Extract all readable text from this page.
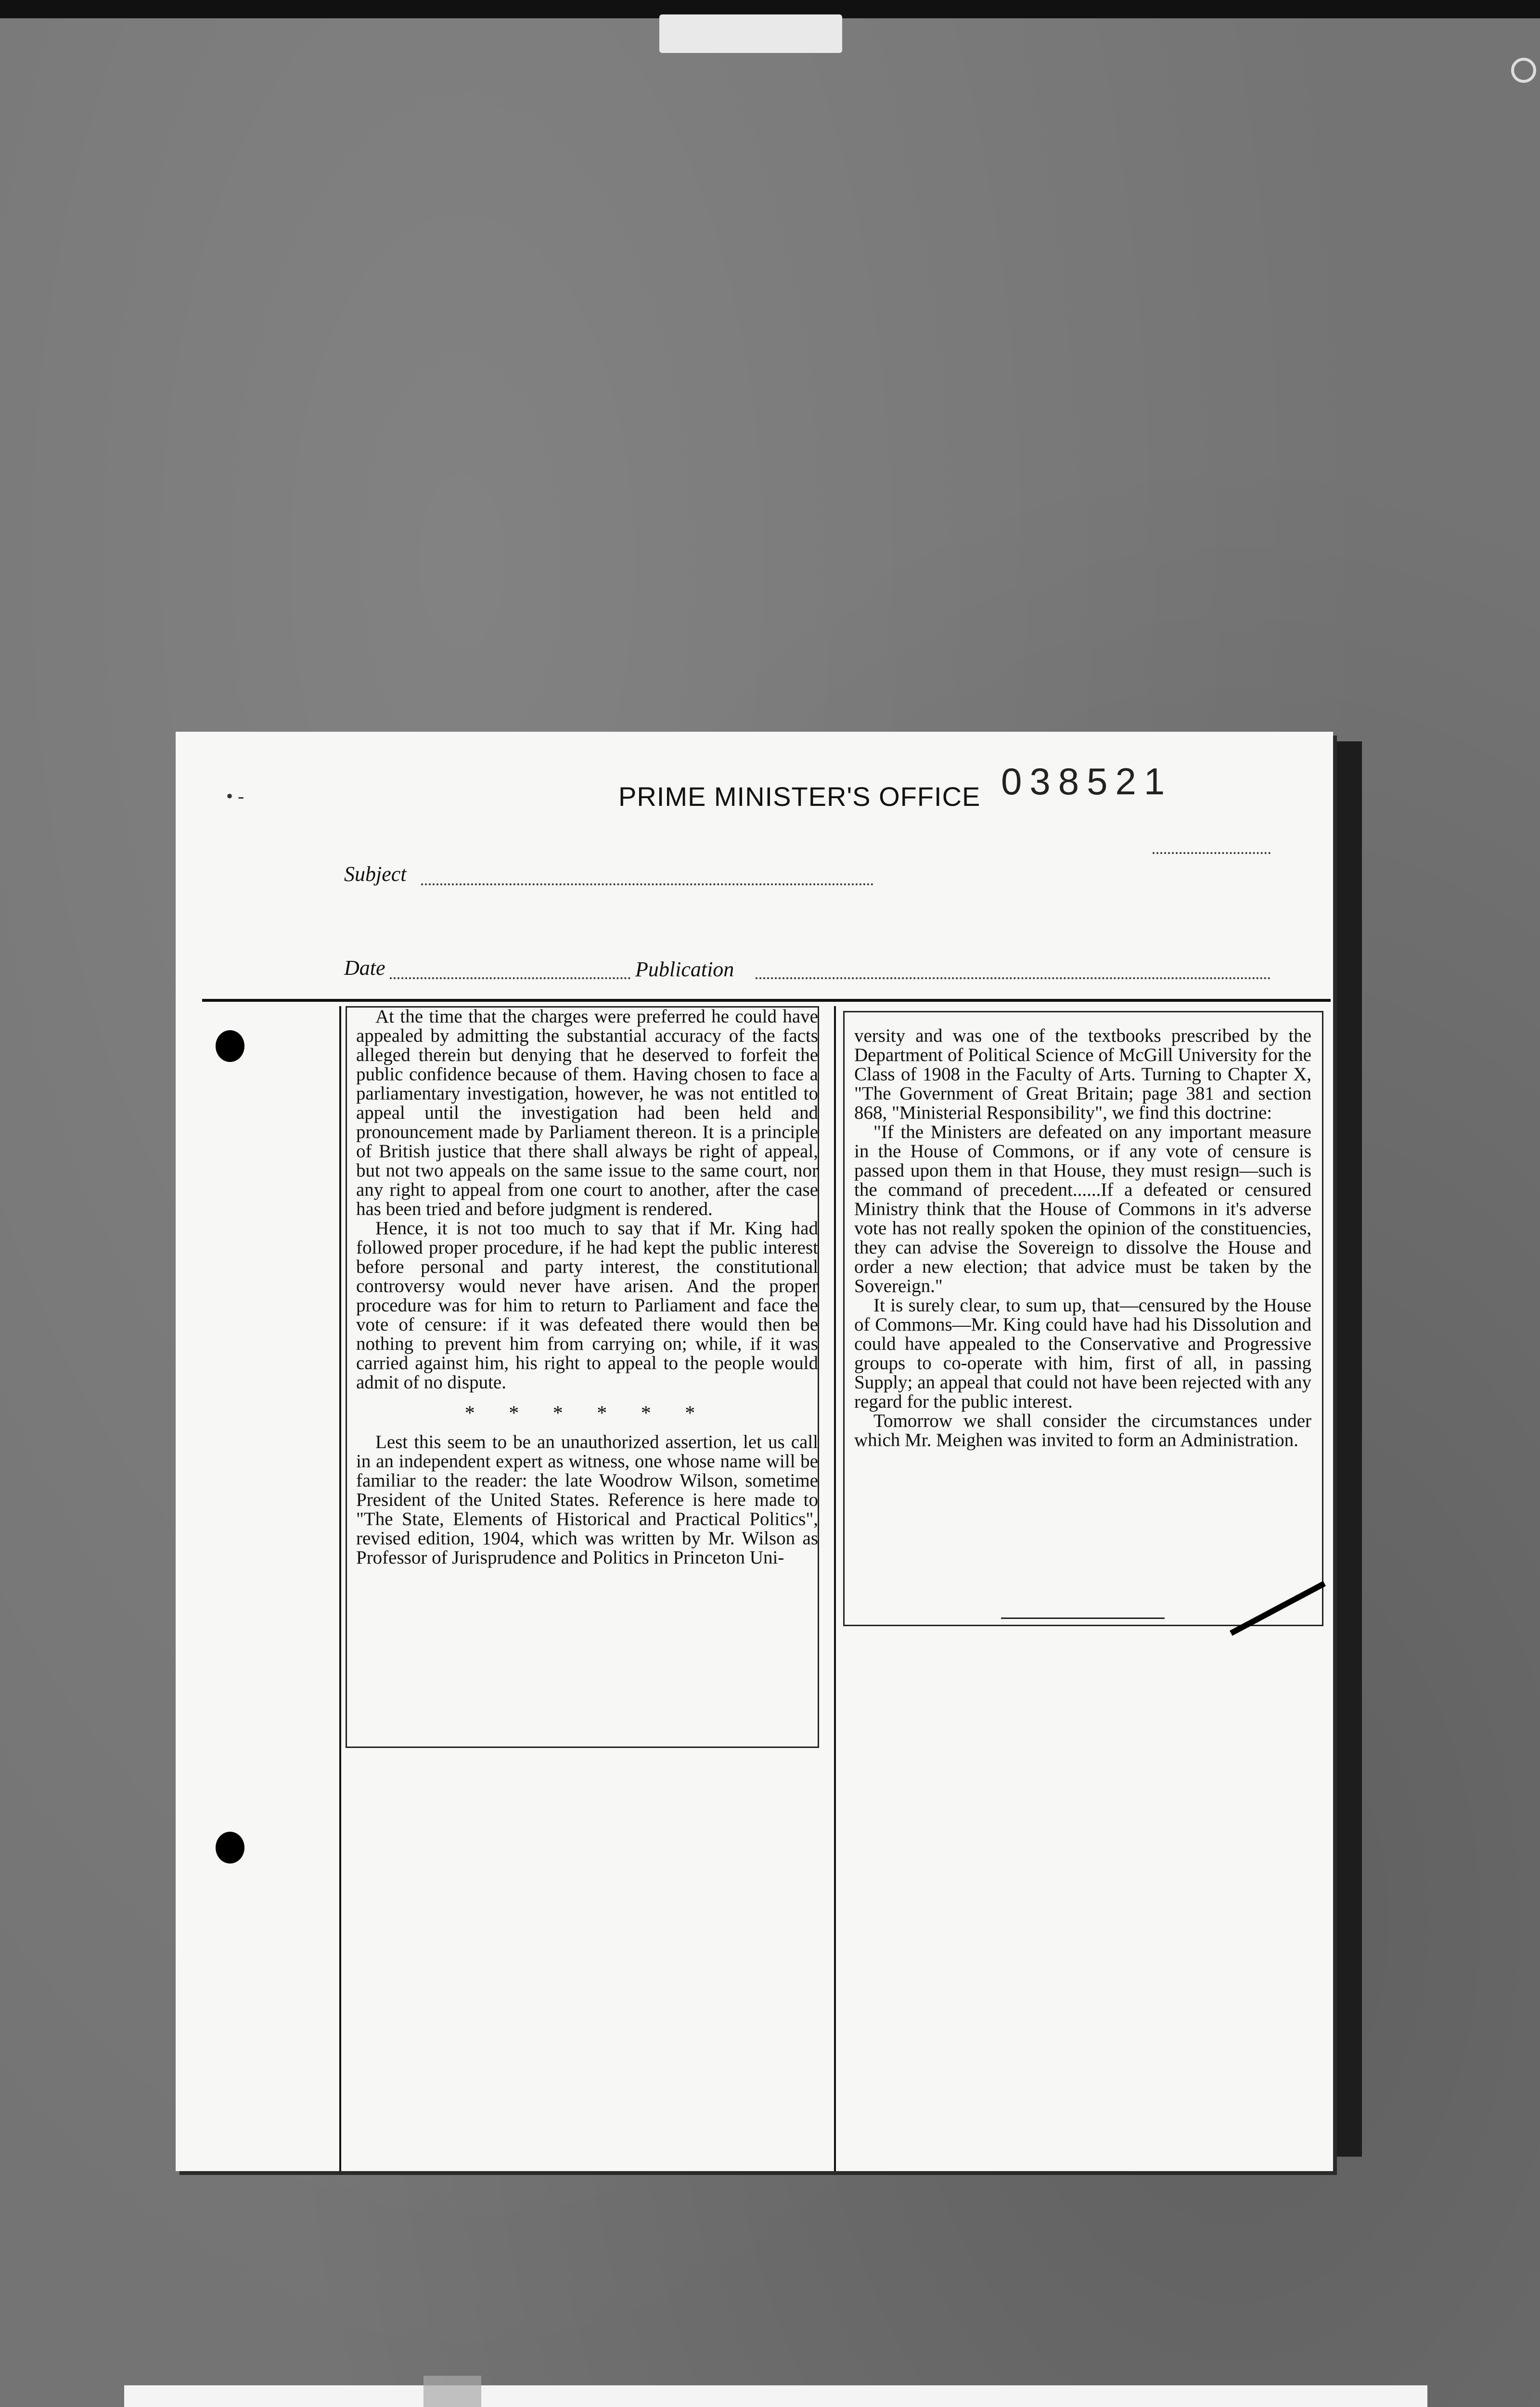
• ‑	PRIME MINISTER'S OFFICE 038521
Subject
Date	Publication

At the time that the charges were preferred he could have appealed by admitting the substantial accuracy of the facts alleged therein but denying that he deserved to forfeit the public confidence because of them. Having chosen to face a parliamentary investigation, however, he was not entitled to appeal until the investigation had been held and pronouncement made by Parliament thereon. It is a principle of British justice that there shall always be right of appeal, but not two appeals on the same issue to the same court, nor any right to appeal from one court to another, after the case has been tried and before judgment is rendered.

Hence, it is not too much to say that if Mr. King had followed proper procedure, if he had kept the public interest before personal and party interest, the constitutional controversy would never have arisen. And the proper procedure was for him to return to Parliament and face the vote of censure: if it was defeated there would then be nothing to prevent him from carrying on; while, if it was carried against him, his right to appeal to the people would admit of no dispute.

* * * * * *

Lest this seem to be an unauthorized assertion, let us call in an independent expert as witness, one whose name will be familiar to the reader: the late Woodrow Wilson, sometime President of the United States. Reference is here made to "The State, Elements of Historical and Practical Politics", revised edition, 1904, which was written by Mr. Wilson as Professor of Jurisprudence and Politics in Princeton Uni-

versity and was one of the textbooks prescribed by the Department of Political Science of McGill University for the Class of 1908 in the Faculty of Arts. Turning to Chapter X, "The Government of Great Britain; page 381 and section 868, "Ministerial Responsibility", we find this doctrine:

"If the Ministers are defeated on any important measure in the House of Commons, or if any vote of censure is passed upon them in that House, they must resign—such is the command of precedent......If a defeated or censured Ministry think that the House of Commons in it's adverse vote has not really spoken the opinion of the constituencies, they can advise the Sovereign to dissolve the House and order a new election; that advice must be taken by the Sovereign."

It is surely clear, to sum up, that—censured by the House of Commons—Mr. King could have had his Dissolution and could have appealed to the Conservative and Progressive groups to co-operate with him, first of all, in passing Supply; an appeal that could not have been rejected with any regard for the public interest.

Tomorrow we shall consider the circumstances under which Mr. Meighen was invited to form an Administration.
